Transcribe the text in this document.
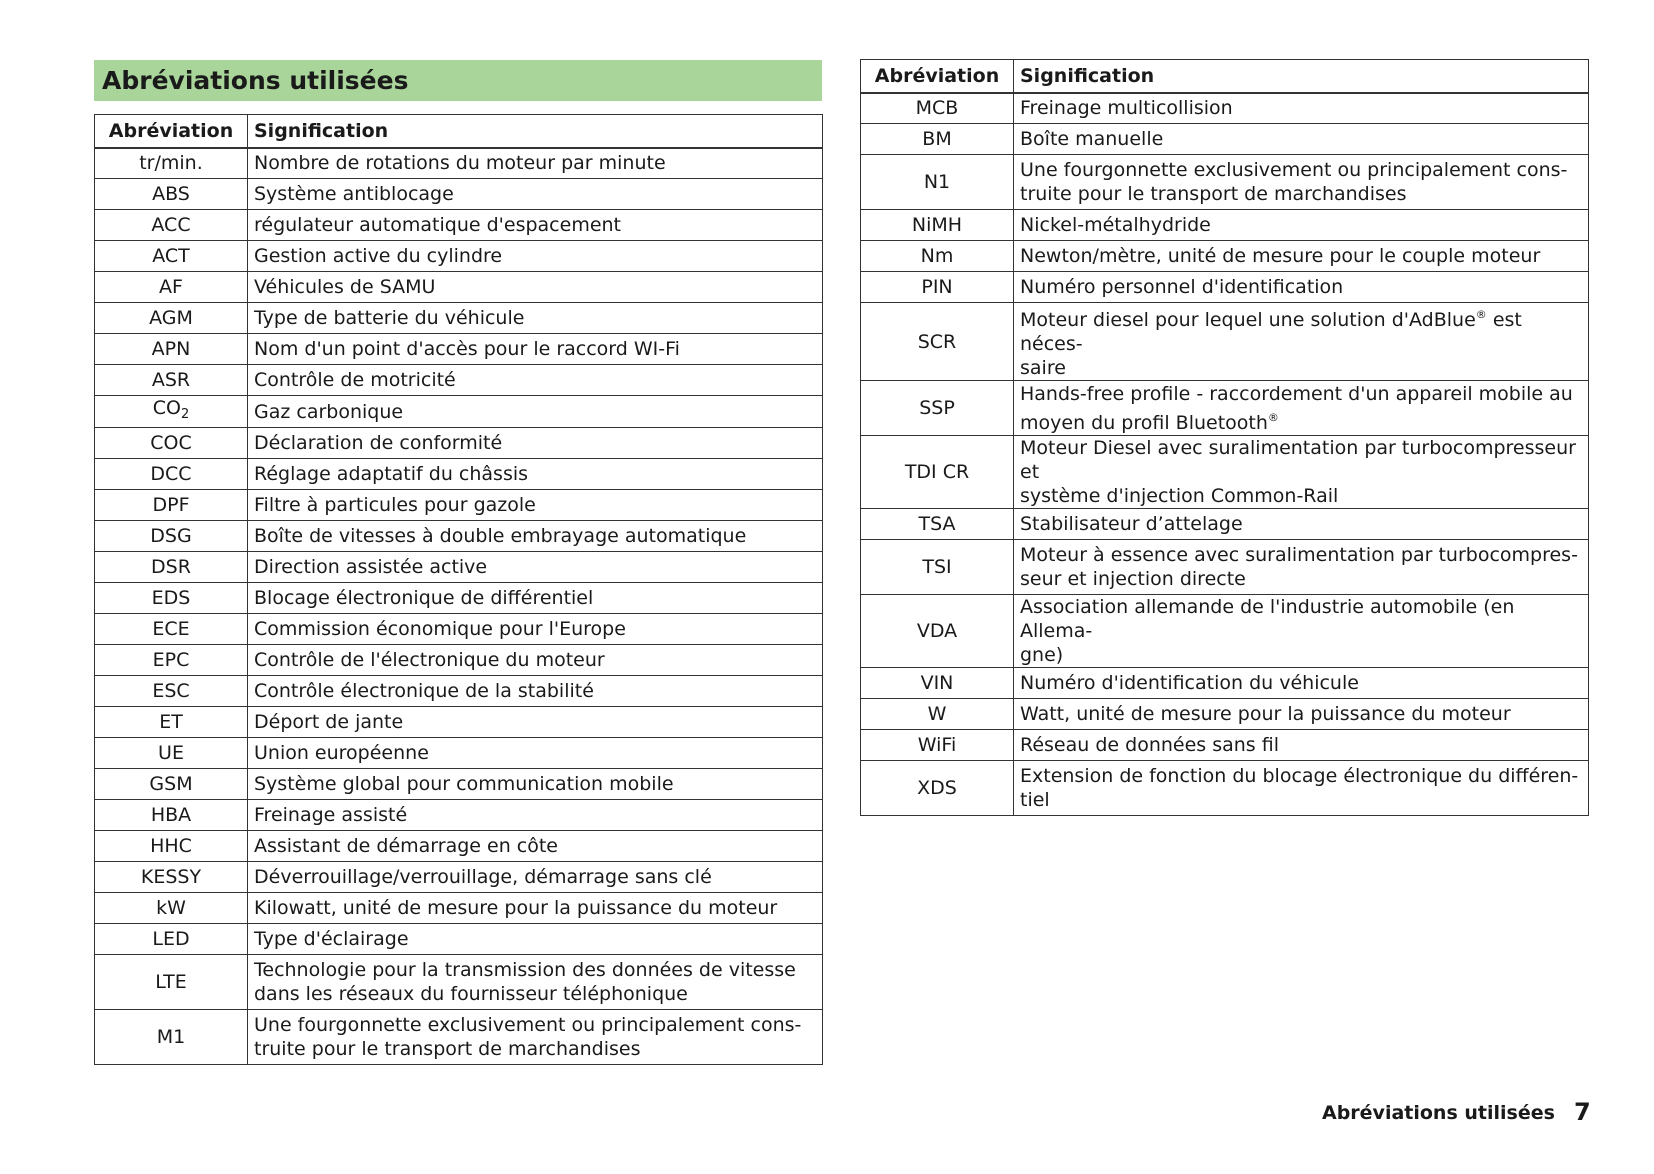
Abréviations utilisées
Abréviation	Signification
tr/min.	Nombre de rotations du moteur par minute
ABS	Système antiblocage
ACC	régulateur automatique d'espacement
ACT	Gestion active du cylindre
AF	Véhicules de SAMU
AGM	Type de batterie du véhicule
APN	Nom d'un point d'accès pour le raccord WI-Fi
ASR	Contrôle de motricité
$CO_2$	Gaz carbonique
COC	Déclaration de conformité
DCC	Réglage adaptatif du châssis
DPF	Filtre à particules pour gazole
DSG	Boîte de vitesses à double embrayage automatique
DSR	Direction assistée active
EDS	Blocage électronique de différentiel
ECE	Commission économique pour l'Europe
EPC	Contrôle de l'électronique du moteur
ESC	Contrôle électronique de la stabilité
ET	Déport de jante
UE	Union européenne
GSM	Système global pour communication mobile
HBA	Freinage assisté
HHC	Assistant de démarrage en côte
KESSY	Déverrouillage/verrouillage, démarrage sans clé
kW	Kilowatt, unité de mesure pour la puissance du moteur
LED	Type d'éclairage
LTE	Technologie pour la transmission des données de vitesse
dans les réseaux du fournisseur téléphonique
M1	Une fourgonnette exclusivement ou principalement cons-
truite pour le transport de marchandises
Abréviation	Signification
MCB	Freinage multicollision
BM	Boîte manuelle
N1	Une fourgonnette exclusivement ou principalement cons-
truite pour le transport de marchandises
NiMH	Nickel-métalhydride
Nm	Newton/mètre, unité de mesure pour le couple moteur
PIN	Numéro personnel d'identification
SCR	Moteur diesel pour lequel une solution d'AdBlue® est néces-
saire
SSP	Hands-free profile - raccordement d'un appareil mobile au
moyen du profil Bluetooth®
TDI CR	Moteur Diesel avec suralimentation par turbocompresseur et
système d'injection Common-Rail
TSA	Stabilisateur d’attelage
TSI	Moteur à essence avec suralimentation par turbocompres-
seur et injection directe
VDA	Association allemande de l'industrie automobile (en Allema-
gne)
VIN	Numéro d'identification du véhicule
W	Watt, unité de mesure pour la puissance du moteur
WiFi	Réseau de données sans fil
XDS	Extension de fonction du blocage électronique du différen-
tiel
Abréviations utilisées 7
